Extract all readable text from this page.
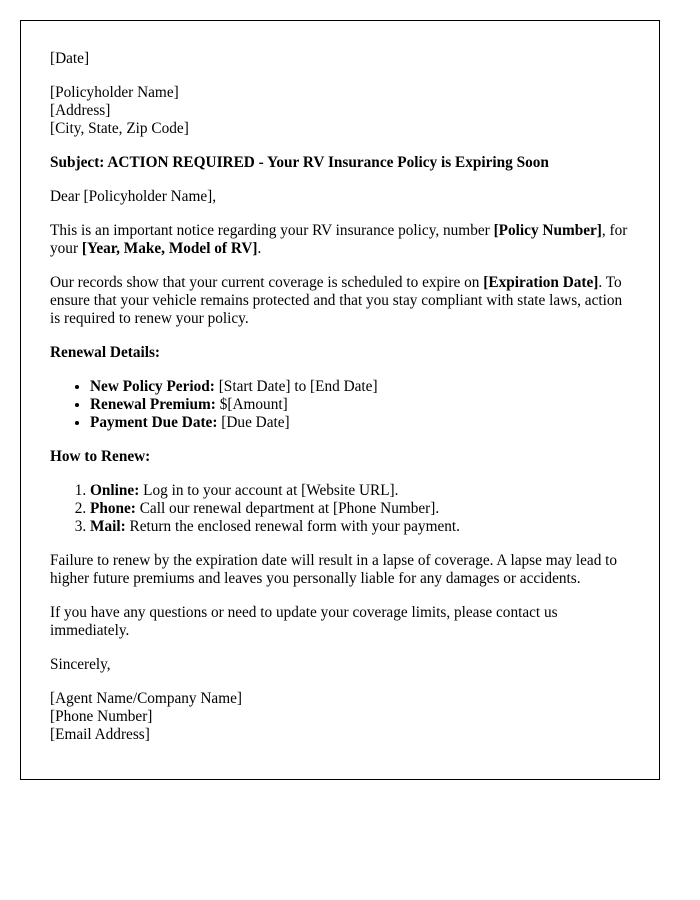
[Date]

[Policyholder Name]
[Address]
[City, State, Zip Code]

Subject: ACTION REQUIRED - Your RV Insurance Policy is Expiring Soon

Dear [Policyholder Name],

This is an important notice regarding your RV insurance policy, number [Policy Number], for your [Year, Make, Model of RV].

Our records show that your current coverage is scheduled to expire on [Expiration Date]. To ensure that your vehicle remains protected and that you stay compliant with state laws, action is required to renew your policy.

Renewal Details:
• New Policy Period: [Start Date] to [End Date]
• Renewal Premium: $[Amount]
• Payment Due Date: [Due Date]
How to Renew:
1. Online: Log in to your account at [Website URL].
2. Phone: Call our renewal department at [Phone Number].
3. Mail: Return the enclosed renewal form with your payment.

Failure to renew by the expiration date will result in a lapse of coverage. A lapse may lead to higher future premiums and leaves you personally liable for any damages or accidents.

If you have any questions or need to update your coverage limits, please contact us immediately.

Sincerely,

[Agent Name/Company Name]
[Phone Number]
[Email Address]
